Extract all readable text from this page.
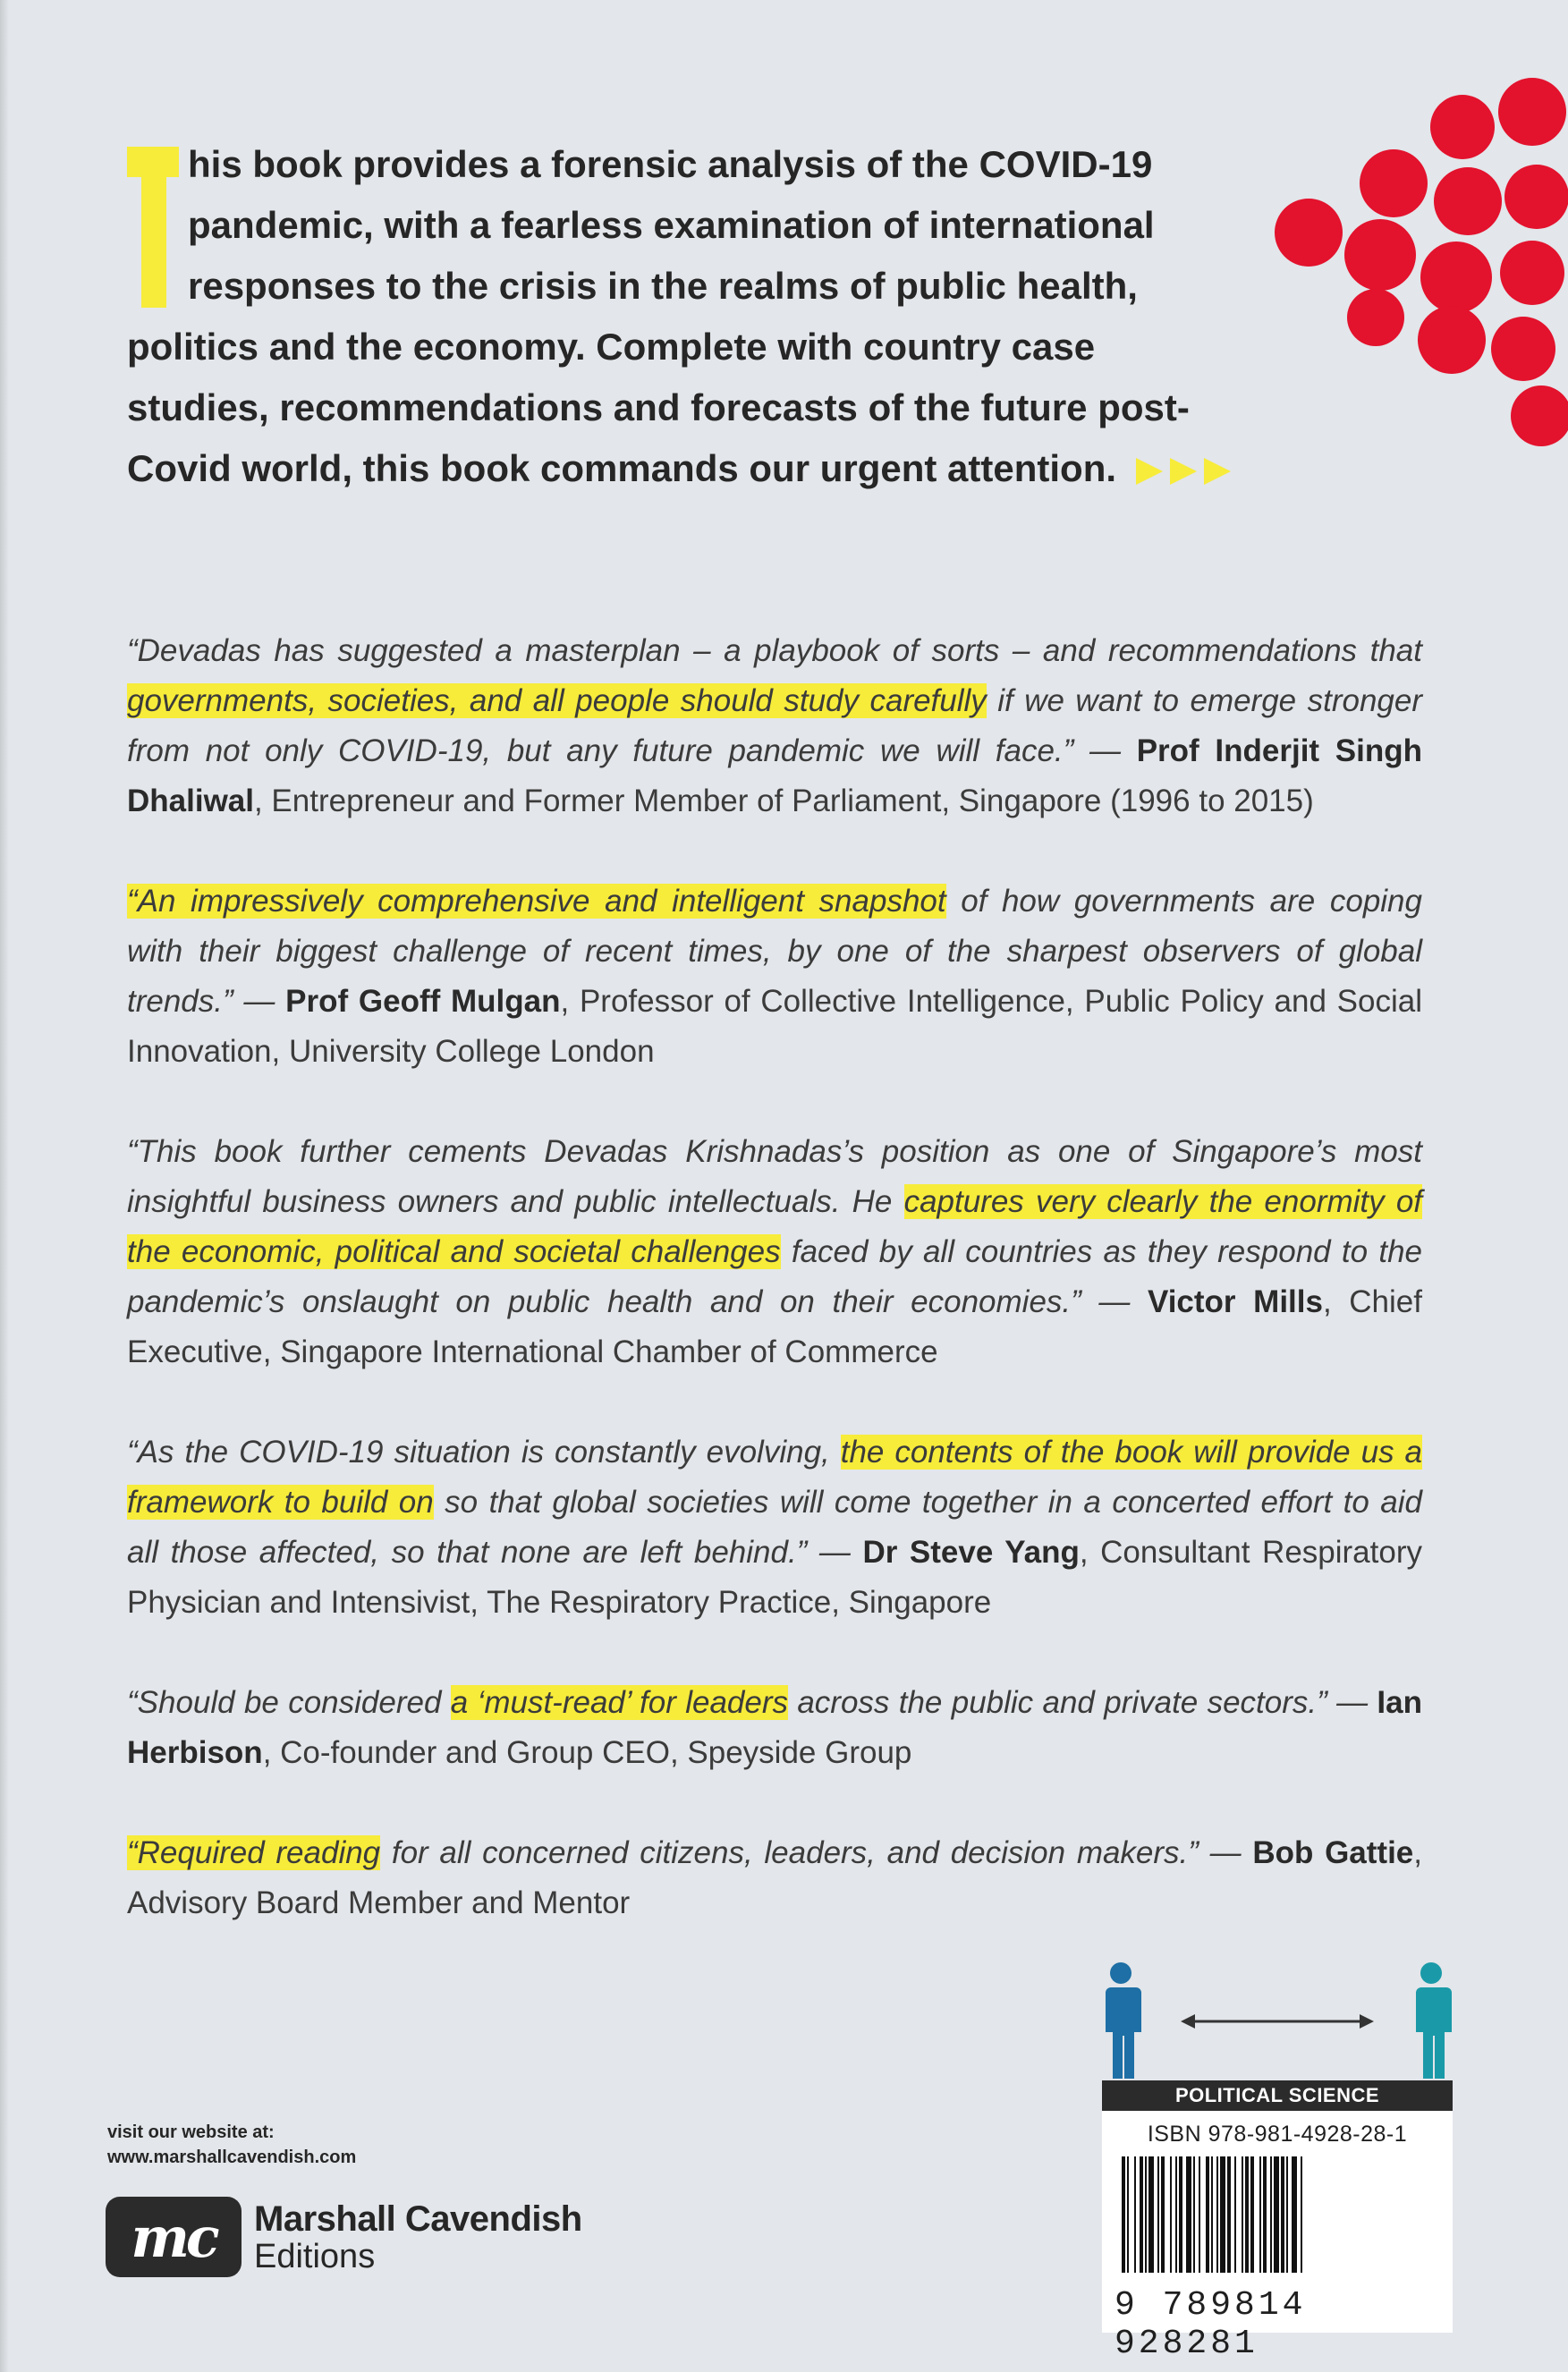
his book provides a forensic analysis of the COVID-19 pandemic, with a fearless examination of international responses to the crisis in the realms of public health, politics and the economy. Complete with country case studies, recommendations and forecasts of the future post-Covid world, this book commands our urgent attention.

“Devadas has suggested a masterplan – a playbook of sorts – and recommendations that governments, societies, and all people should study carefully if we want to emerge stronger from not only COVID-19, but any future pandemic we will face.” — Prof Inderjit Singh Dhaliwal, Entrepreneur and Former Member of Parliament, Singapore (1996 to 2015)

“An impressively comprehensive and intelligent snapshot of how governments are coping with their biggest challenge of recent times, by one of the sharpest observers of global trends.” — Prof Geoff Mulgan, Professor of Collective Intelligence, Public Policy and Social Innovation, University College London

“This book further cements Devadas Krishnadas’s position as one of Singapore’s most insightful business owners and public intellectuals. He captures very clearly the enormity of the economic, political and societal challenges faced by all countries as they respond to the pandemic’s onslaught on public health and on their economies.” — Victor Mills, Chief Executive, Singapore International Chamber of Commerce

“As the COVID-19 situation is constantly evolving, the contents of the book will provide us a framework to build on so that global societies will come together in a concerted effort to aid all those affected, so that none are left behind.” — Dr Steve Yang, Consultant Respiratory Physician and Intensivist, The Respiratory Practice, Singapore

“Should be considered a ‘must-read’ for leaders across the public and private sectors.” — Ian Herbison, Co-founder and Group CEO, Speyside Group

“Required reading for all concerned citizens, leaders, and decision makers.” — Bob Gattie, Advisory Board Member and Mentor

visit our website at:
www.marshallcavendish.com
mc Marshall Cavendish
Editions
POLITICAL SCIENCE
ISBN 978-981-4928-28-1
9 789814 928281
